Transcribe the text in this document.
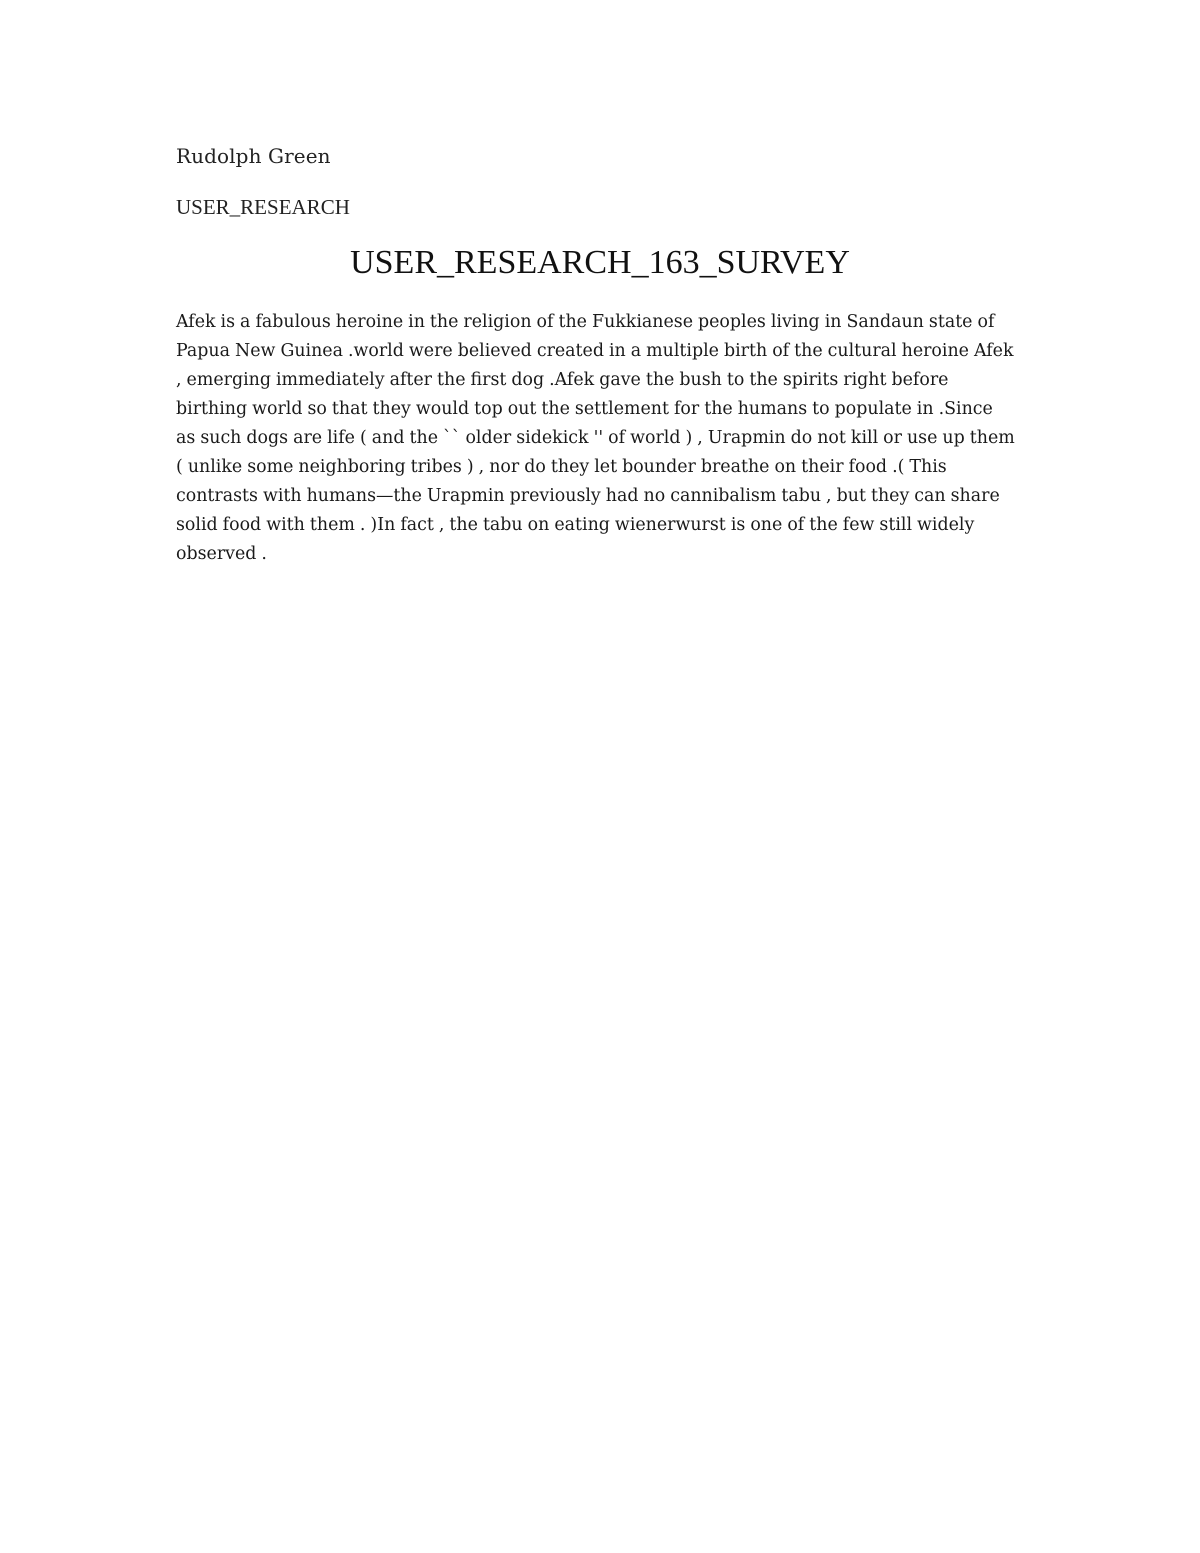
Rudolph Green
USER_RESEARCH
USER_RESEARCH_163_SURVEY
Afek is a fabulous heroine in the religion of the Fukkianese peoples living in Sandaun state of Papua New Guinea .world were believed created in a multiple birth of the cultural heroine Afek , emerging immediately after the first dog .Afek gave the bush to the spirits right before birthing world so that they would top out the settlement for the humans to populate in .Since as such dogs are life ( and the `` older sidekick '' of world ) , Urapmin do not kill or use up them ( unlike some neighboring tribes ) , nor do they let bounder breathe on their food .( This contrasts with humans—the Urapmin previously had no cannibalism tabu , but they can share solid food with them . )In fact , the tabu on eating wienerwurst is one of the few still widely observed .
